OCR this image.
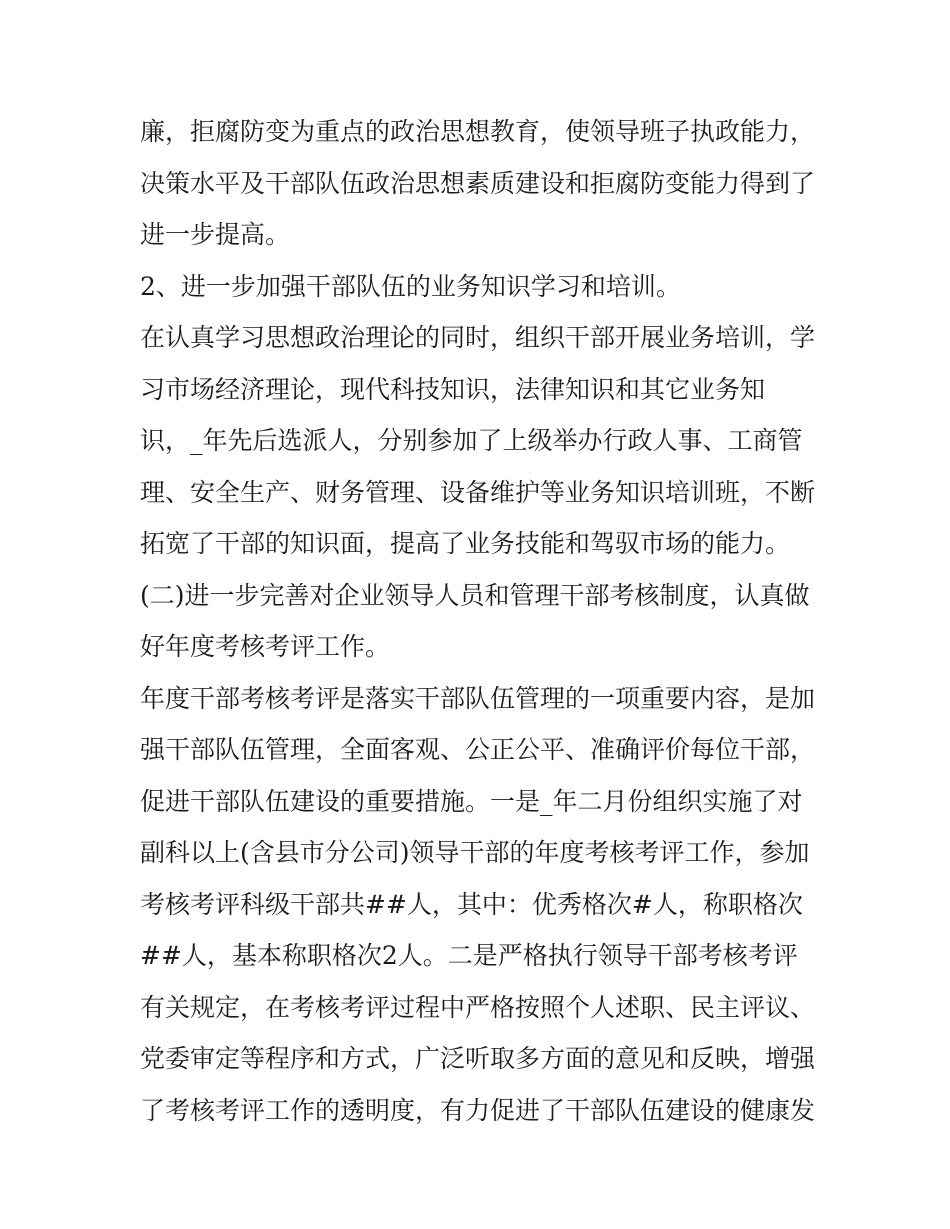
廉，拒腐防变为重点的政治思想教育，使领导班子执政能力，
决策水平及干部队伍政治思想素质建设和拒腐防变能力得到了
进一步提高。
2、进一步加强干部队伍的业务知识学习和培训。
在认真学习思想政治理论的同时，组织干部开展业务培训，学
习市场经济理论，现代科技知识，法律知识和其它业务知
识，_年先后选派人，分别参加了上级举办行政人事、工商管
理、安全生产、财务管理、设备维护等业务知识培训班，不断
拓宽了干部的知识面，提高了业务技能和驾驭市场的能力。
(二)进一步完善对企业领导人员和管理干部考核制度，认真做
好年度考核考评工作。
年度干部考核考评是落实干部队伍管理的一项重要内容，是加
强干部队伍管理，全面客观、公正公平、准确评价每位干部，
促进干部队伍建设的重要措施。一是_年二月份组织实施了对
副科以上(含县市分公司)领导干部的年度考核考评工作，参加
考核考评科级干部共##人，其中：优秀格次#人，称职格次
##人，基本称职格次2人。二是严格执行领导干部考核考评
有关规定，在考核考评过程中严格按照个人述职、民主评议、
党委审定等程序和方式，广泛听取多方面的意见和反映，增强
了考核考评工作的透明度，有力促进了干部队伍建设的健康发
